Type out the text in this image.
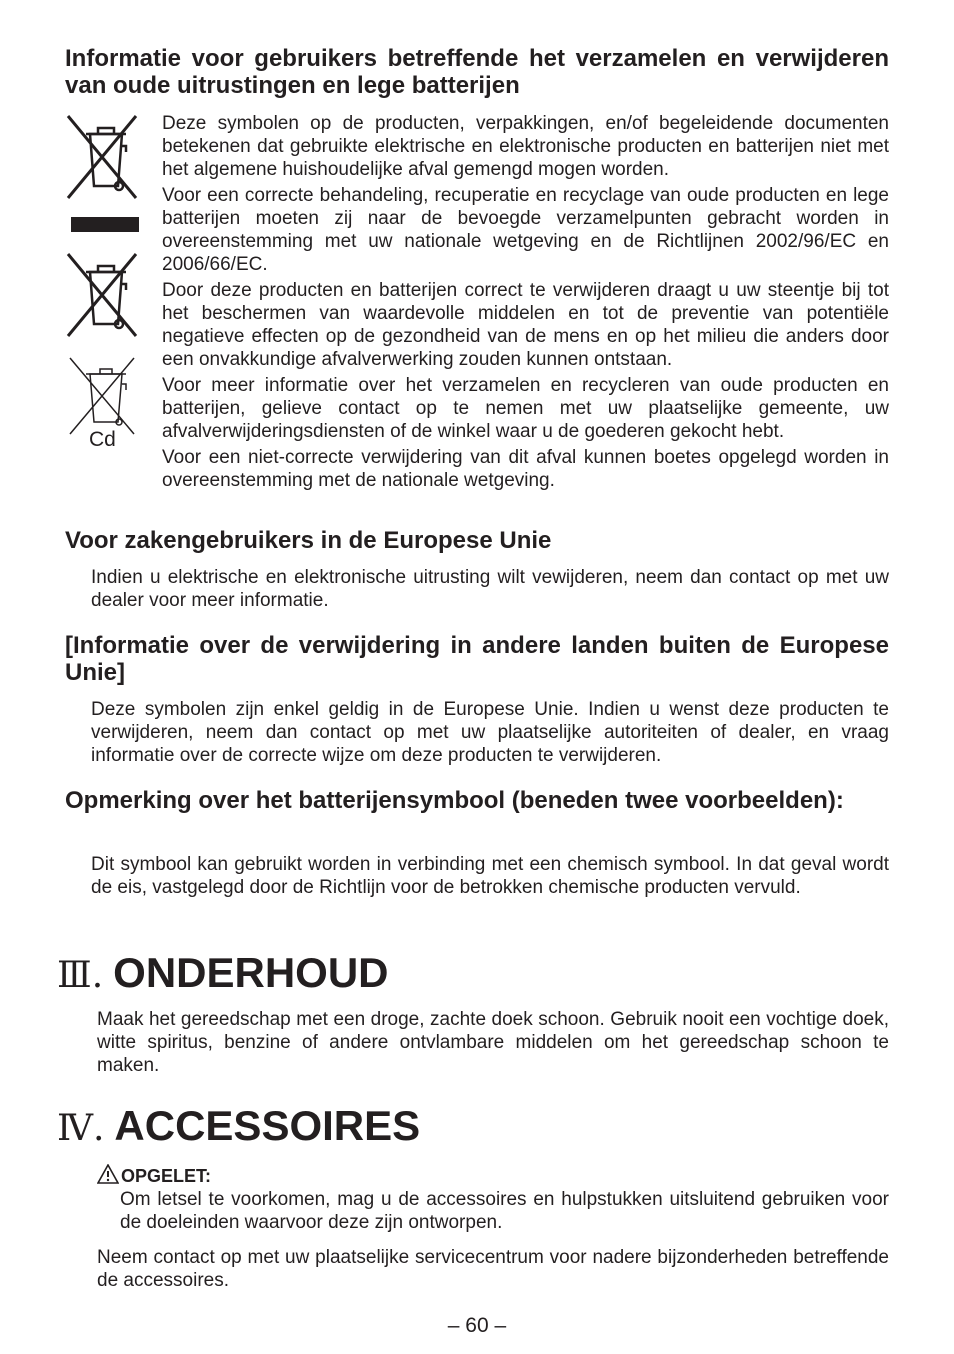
Informatie voor gebruikers betreffende het verzamelen en verwijderen van oude uitrustingen en lege batterijen
Cd

Deze symbolen op de producten, verpakkingen, en/of begeleidende documenten betekenen dat gebruikte elektrische en elektronische producten en batterijen niet met het algemene huishoudelijke afval gemengd mogen worden.

Voor een correcte behandeling, recuperatie en recyclage van oude producten en lege batterijen moeten zij naar de bevoegde verzamelpunten gebracht worden in overeenstemming met uw nationale wetgeving en de Richtlijnen 2002/96/EC en 2006/66/EC.

Door deze producten en batterijen correct te verwijderen draagt u uw steentje bij tot het beschermen van waardevolle middelen en tot de preventie van potentiële negatieve effecten op de gezondheid van de mens en op het milieu die anders door een onvakkundige afvalverwerking zouden kunnen ontstaan.

Voor meer informatie over het verzamelen en recycleren van oude producten en batterijen, gelieve contact op te nemen met uw plaatselijke gemeente, uw afvalverwijderingsdiensten of de winkel waar u de goederen gekocht hebt.

Voor een niet-correcte verwijdering van dit afval kunnen boetes opgelegd worden in overeenstemming met de nationale wetgeving.

Voor zakengebruikers in de Europese Unie
Indien u elektrische en elektronische uitrusting wilt vewijderen, neem dan contact op met uw dealer voor meer informatie.
[Informatie over de verwijdering in andere landen buiten de Europese Unie]
Deze symbolen zijn enkel geldig in de Europese Unie. Indien u wenst deze producten te verwijderen, neem dan contact op met uw plaatselijke autoriteiten of dealer, en vraag informatie over de correcte wijze om deze producten te verwijderen.
Opmerking over het batterijensymbool (beneden twee voorbeelden):
Dit symbool kan gebruikt worden in verbinding met een chemisch symbool. In dat geval wordt de eis, vastgelegd door de Richtlijn voor de betrokken chemische producten vervuld.
Ⅲ. ONDERHOUD
Maak het gereedschap met een droge, zachte doek schoon. Gebruik nooit een vochtige doek, witte spiritus, benzine of andere ontvlambare middelen om het gereedschap schoon te maken.
Ⅳ. ACCESSOIRES
OPGELET:
Om letsel te voorkomen, mag u de accessoires en hulpstukken uitsluitend gebruiken voor de doeleinden waarvoor deze zijn ontworpen.
Neem contact op met uw plaatselijke servicecentrum voor nadere bijzonderheden betreffende de accessoires.
– 60 –
